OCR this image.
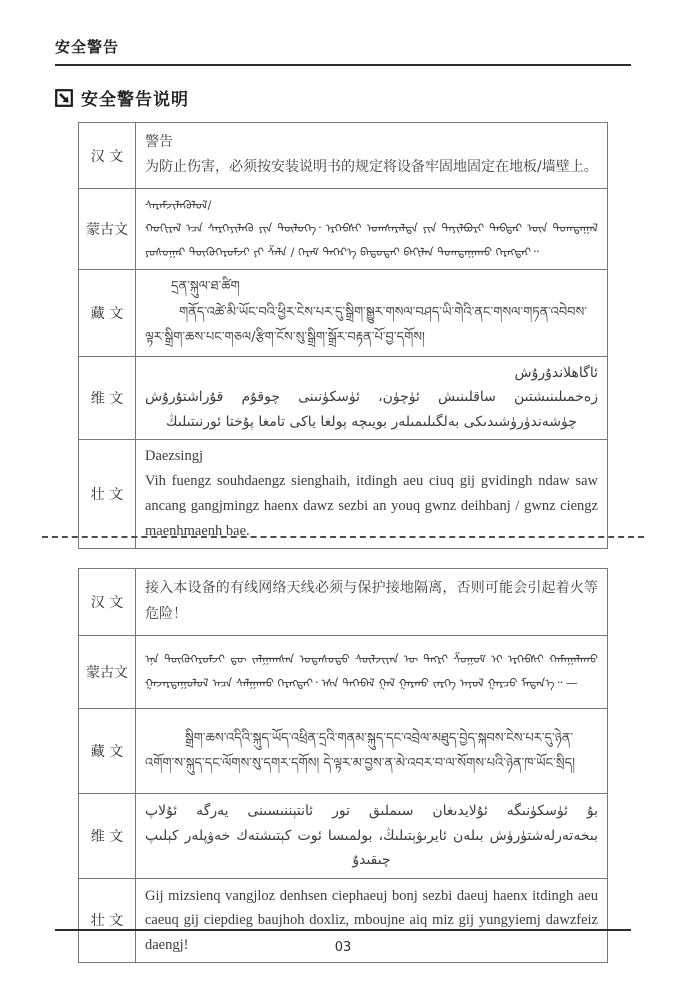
安全警告
安全警告说明
汉 文	警告
为防止伤害，必须按安装说明书的规定将设备牢固地固定在地板/墙壁上。

蒙古文	ᠰᠡᠷᠡᠮᠵᠢᠯᠡᠭᠦᠯᠦᠯ/
ᠬᠣᠬᠢᠷᠠᠯ ᠡᠴᠡ ᠰᠡᠷᠭᠡᠶᠢᠯᠡᠬᠦ ᠶᠢᠨ ᠲᠥᠯᠥᠭᠡ᠂ ᠡᠷᠬᠡᠪᠰᠢ ᠤᠭᠰᠠᠷᠠᠯᠲᠠ ᠶᠢᠨ ᠲᠠᠶᠢᠯᠪᠤᠷᠢ ᠳᠡᠪᠲᠡᠷ ᠦᠨ ᠲᠣᠭᠲᠠᠭᠠᠯ ᠶᠣᠰᠣᠭᠠᠷ ᠲᠥᠬᠥᠭᠡᠷᠦᠮᠵᠢ ᠶᠢ ᠱᠠᠯᠠ / ᠬᠡᠷᠡᠮ ᠳᠡᠭᠡᠷ᠎ᠡ ᠪᠠᠲᠤᠲᠠᠢ ᠪᠡᠬᠢᠯᠡᠨ ᠲᠣᠭᠲᠠᠭᠠᠬᠤ ᠬᠡᠷᠡᠭᠲᠡᠢ᠃

藏 文	དྲན་སྐུལ་ཐ་ཚིག
གནོད་འཚེ་མི་ཡོང་བའི་ཕྱིར་ངེས་པར་དུ་སྒྲིག་སྒྱུར་གསལ་བཤད་ཡི་གེའི་ནང་གསལ་གཏན་འབེབས་ལྟར་སྒྲིག་ཆས་པང་གཅལ/རྩིག་ངོས་སུ་སྒྲིག་སྒྲོར་བརྟན་པོ་བྱ་དགོས།

维 文	ئاگاھلاندۇرۇش
زەخمىلىنىشتىن ساقلىنىش ئۈچۈن، ئۈسكۈنىنى چوقۇم قۇراشتۇرۇش چۈشەندۈرۈشىدىكى بەلگىلىمىلەر بويىچە پولغا ياكى تامغا پۇختا ئورنىتىلىڭ

壮 文	Daezsingj
Vih fuengz souhdaengz sienghaih, itdingh aeu ciuq gij gvidingh ndaw saw ancang gangjmingz haenx dawz sezbi an youq gwnz deihbanj / gwnz ciengz maenhmaenh bae.
汉 文	接入本设备的有线网络天线必须与保护接地隔离，否则可能会引起着火等危险！

蒙古文	ᠡᠨᠡ ᠲᠥᠬᠥᠭᠡᠷᠦᠮᠵᠢ ᠳᠦ ᠵᠠᠯᠭᠠᠭᠰᠠᠨ ᠤᠲᠠᠰᠤᠲᠤ ᠰᠦᠯᠵᠢᠶᠡᠨ ᠦ ᠲᠡᠭᠷᠢ ᠱᠤᠭᠤᠮ ᠢ ᠡᠷᠬᠡᠪᠰᠢ ᠬᠠᠮᠠᠭᠠᠯᠠᠬᠤ ᠭᠠᠵᠠᠷᠲᠠᠭᠤᠯᠤᠯ ᠠᠴᠠ ᠰᠠᠯᠭᠠᠬᠤ ᠬᠡᠷᠡᠭᠲᠡᠢ᠂ ᠡᠰᠡ ᠲᠡᠭᠡᠪᠡᠯ ᠭᠠᠯ ᠭᠠᠷᠬᠤ ᠵᠡᠷᠭᠡ ᠠᠶᠤᠯ ᠭᠠᠷᠴᠤ ᠮᠡᠳᠡᠨ᠎ᠡ᠃ —

藏 文	སྒྲིག་ཆས་འདིའི་སྐུད་ཡོད་འཕྲིན་དྲའི་གནམ་སྐུད་དང་འབྲེལ་མཐུད་བྱེད་སྐབས་ངེས་པར་དུ་ཉེན་འགོག་ས་སྐུད་དང་ལོགས་སུ་དགར་དགོས། དེ་ལྟར་མ་བྱས་ན་མེ་འབར་བ་ལ་སོགས་པའི་ཉེན་ཁ་ཡོང་སྲིད།

维 文	بۇ ئۈسكۈنىگە ئۇلايدىغان سىملىق تور ئانتېننىسىنى يەرگە ئۇلاپ بىخەتەرلەشتۈرۈش بىلەن ئايرىۋېتىلىڭ، بولمىسا ئوت كېتىشتەك خەۋپلەر كېلىپ چىقىدۇ

壮 文	Gij mizsienq vangjloz denhsen ciephaeuj bonj sezbi daeuj haenx itdingh aeu caeuq gij ciepdieg baujhoh doxliz, mboujne aiq miz gij yungyiemj dawzfeiz daengj!	03
